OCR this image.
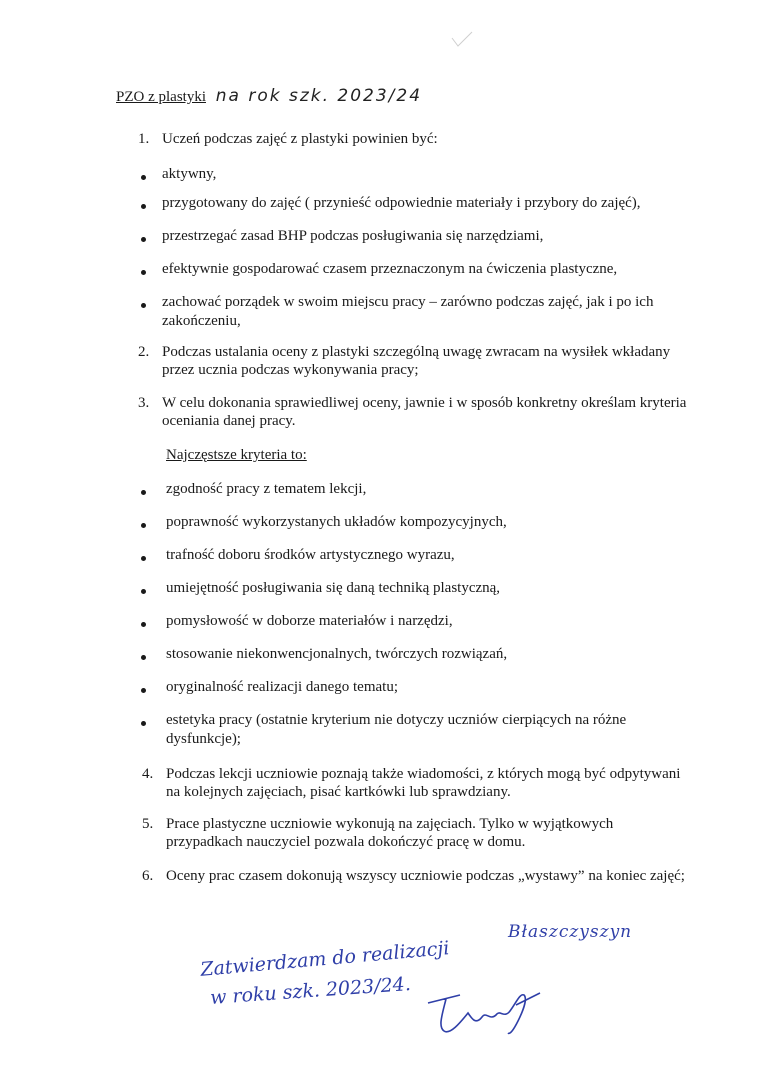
PZO z plastyki na rok szk. 2023/24
1. Uczeń podczas zajęć z plastyki powinien być:
aktywny,
przygotowany do zajęć ( przynieść odpowiednie materiały i przybory do zajęć),
przestrzegać zasad BHP podczas posługiwania się narzędziami,
efektywnie gospodarować czasem przeznaczonym na ćwiczenia plastyczne,
zachować porządek w swoim miejscu pracy – zarówno podczas zajęć, jak i po ich
zakończeniu,
2. Podczas ustalania oceny z plastyki szczególną uwagę zwracam na wysiłek wkładany
przez ucznia podczas wykonywania pracy;
3. W celu dokonania sprawiedliwej oceny, jawnie i w sposób konkretny określam kryteria
oceniania danej pracy.
Najczęstsze kryteria to:
zgodność pracy z tematem lekcji,
poprawność wykorzystanych układów kompozycyjnych,
trafność doboru środków artystycznego wyrazu,
umiejętność posługiwania się daną techniką plastyczną,
pomysłowość w doborze materiałów i narzędzi,
stosowanie niekonwencjonalnych, twórczych rozwiązań,
oryginalność realizacji danego tematu;
estetyka pracy (ostatnie kryterium nie dotyczy uczniów cierpiących na różne
dysfunkcje);
4. Podczas lekcji uczniowie poznają także wiadomości, z których mogą być odpytywani
na kolejnych zajęciach, pisać kartkówki lub sprawdziany.
5. Prace plastyczne uczniowie wykonują na zajęciach. Tylko w wyjątkowych
przypadkach nauczyciel pozwala dokończyć pracę w domu.
6. Oceny prac czasem dokonują wszyscy uczniowie podczas „wystawy” na koniec zajęć;
Zatwierdzam do realizacji
w roku szk. 2023/24.
Błaszczyszyn
